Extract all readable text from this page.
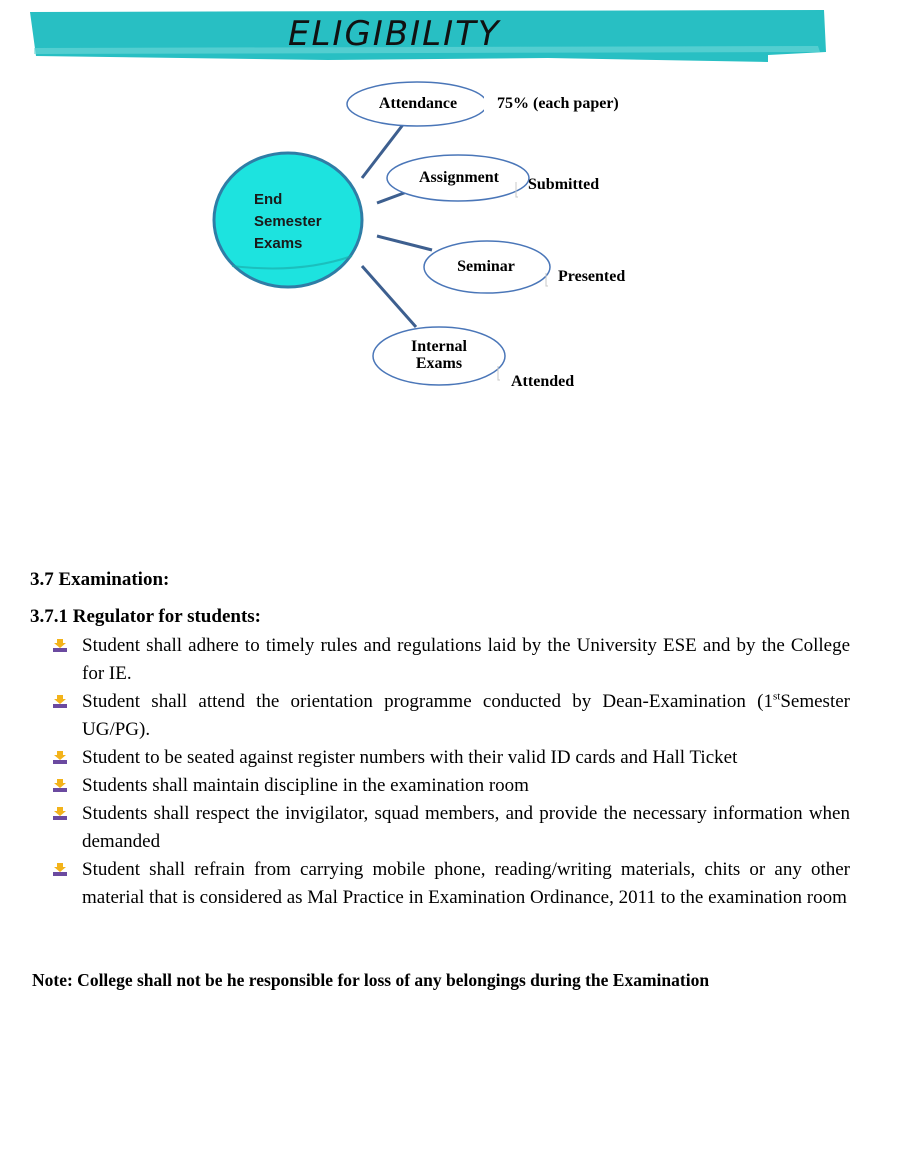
ELIGIBILITY
End
Semester
Exams
Attendance 75% (each paper)
Assignment	Submitted
Seminar
Presented
Internal
Exams
Attended
3.7 Examination:
3.7.1 Regulator for students:
Student shall adhere to timely rules and regulations laid by the University ESE and by the College for IE.
Student shall attend the orientation programme conducted by Dean-Examination (1stSemester UG/PG).
Student to be seated against register numbers with their valid ID cards and Hall Ticket
Students shall maintain discipline in the examination room
Students shall respect the invigilator, squad members, and provide the necessary information when demanded
Student shall refrain from carrying mobile phone, reading/writing materials, chits or any other material that is considered as Mal Practice in Examination Ordinance, 2011 to the examination room
Note: College shall not be he responsible for loss of any belongings during the Examination
